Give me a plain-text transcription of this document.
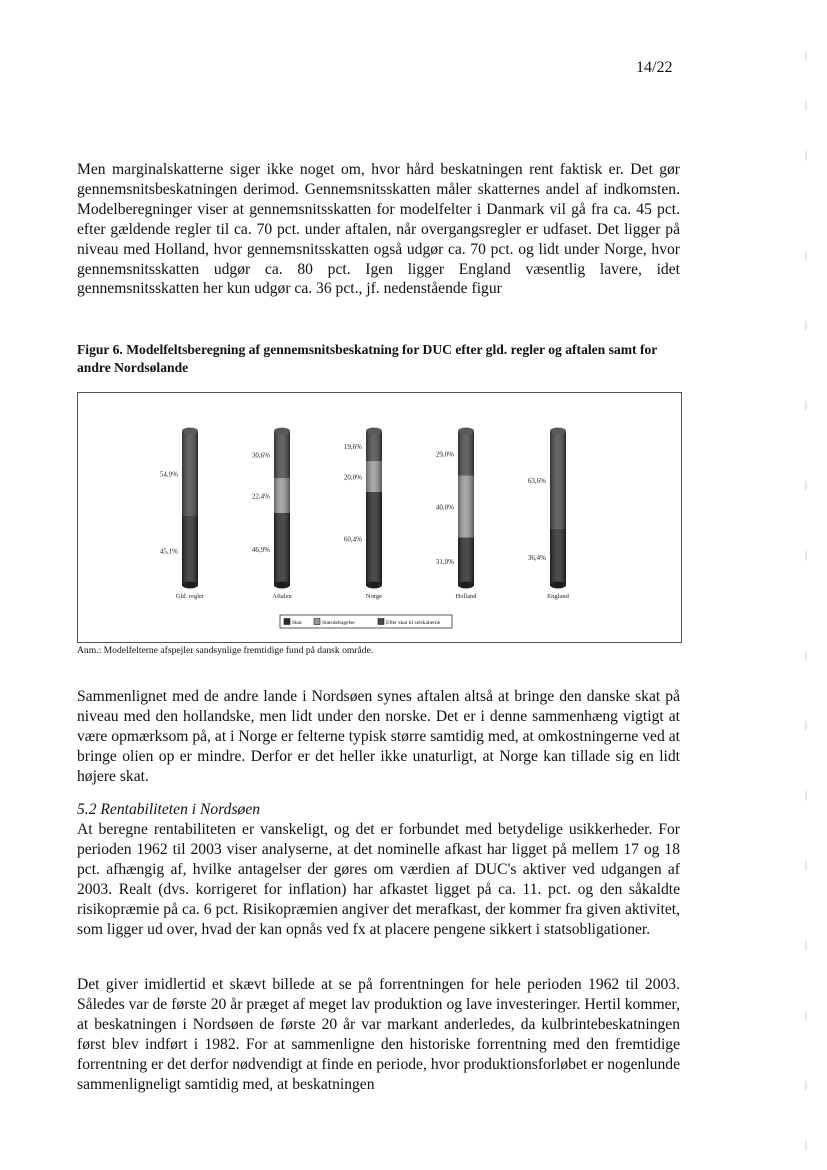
14/22

Men marginalskatterne siger ikke noget om, hvor hård beskatningen rent faktisk er. Det gør gennemsnitsbeskatningen derimod. Gennemsnitsskatten måler skatternes andel af indkomsten. Modelberegninger viser at gennemsnitsskatten for modelfelter i Danmark vil gå fra ca. 45 pct. efter gældende regler til ca. 70 pct. under aftalen, når overgangsregler er udfaset. Det ligger på niveau med Holland, hvor gennemsnitsskatten også udgør ca. 70 pct. og lidt under Norge, hvor gennemsnitsskatten udgør ca. 80 pct. Igen ligger England væsentlig lavere, idet gennemsnitsskatten her kun udgør ca. 36 pct., jf. nedenstående figur

Figur 6. Modelfeltsberegning af gennemsnitsbeskatning for DUC efter gld. regler og aftalen samt for andre Nordsølande

45,1%
54,9%
Gld. regler
46,9%
22,4%
30,6%
Aftalen
60,4%
20,0%
19,6%
Norge
31,0%
40,0%
29,0%
Holland
36,4%
63,6%
England
Skat	Statsdeltagelse	Efter skat til selskaberne

Anm.: Modelfelterne afspejler sandsynlige fremtidige fund på dansk område.

Sammenlignet med de andre lande i Nordsøen synes aftalen altså at bringe den danske skat på niveau med den hollandske, men lidt under den norske. Det er i denne sammenhæng vigtigt at være opmærksom på, at i Norge er felterne typisk større samtidig med, at omkostningerne ved at bringe olien op er mindre. Derfor er det heller ikke unaturligt, at Norge kan tillade sig en lidt højere skat.

5.2 Rentabiliteten i Nordsøen

At beregne rentabiliteten er vanskeligt, og det er forbundet med betydelige usikkerheder. For perioden 1962 til 2003 viser analyserne, at det nominelle afkast har ligget på mellem 17 og 18 pct. afhængig af, hvilke antagelser der gøres om værdien af DUC's aktiver ved udgangen af 2003. Realt (dvs. korrigeret for inflation) har afkastet ligget på ca. 11. pct. og den såkaldte risikopræmie på ca. 6 pct. Risikopræmien angiver det merafkast, der kommer fra given aktivitet, som ligger ud over, hvad der kan opnås ved fx at placere pengene sikkert i statsobligationer.

Det giver imidlertid et skævt billede at se på forrentningen for hele perioden 1962 til 2003. Således var de første 20 år præget af meget lav produktion og lave investeringer. Hertil kommer, at beskatningen i Nordsøen de første 20 år var markant anderledes, da kulbrintebeskatningen først blev indført i 1982. For at sammenligne den historiske forrentning med den fremtidige forrentning er det derfor nødvendigt at finde en periode, hvor produktionsforløbet er nogenlunde sammenligneligt samtidig med, at beskatningen

|
|
|
|
|
|
|
|
|
|
|
|
|
|
|
|
